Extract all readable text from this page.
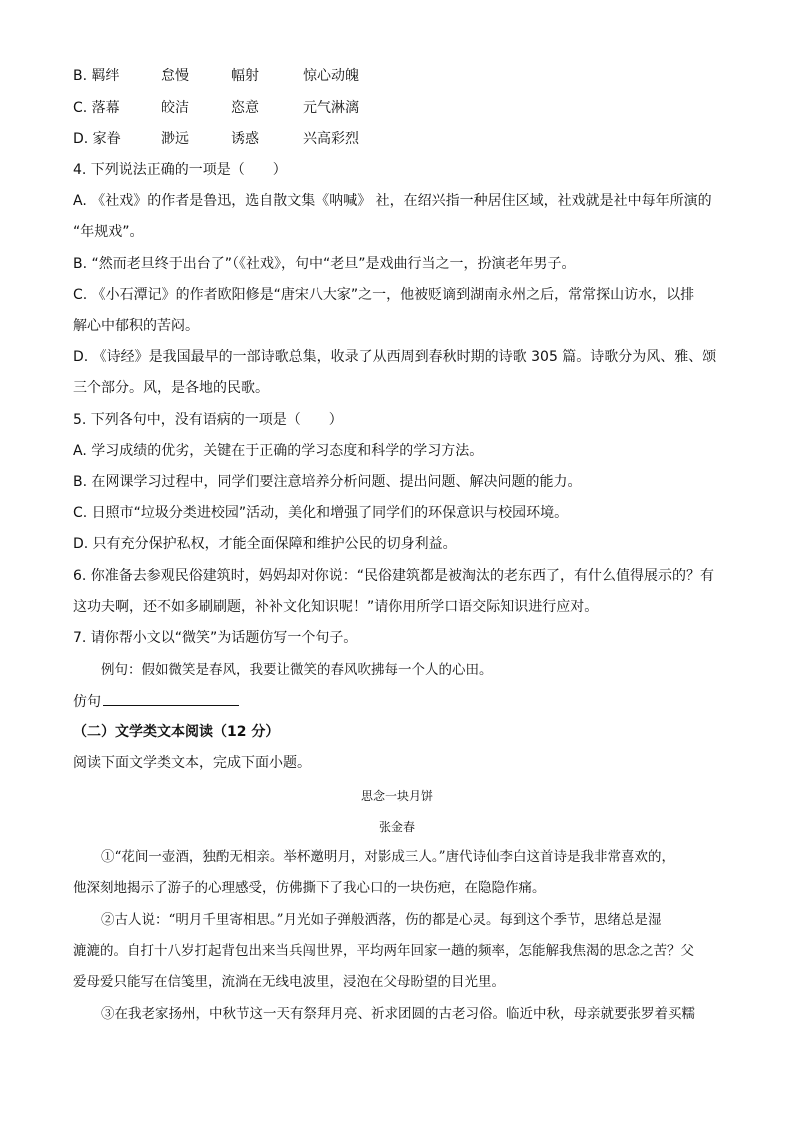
B. 羁绊	怠慢	幅射	惊心动魄
C. 落幕	皎洁	恣意	元气淋漓
D. 家眷	渺远	诱惑	兴高彩烈
4. 下列说法正确的一项是（　　）
A. 《社戏》的作者是鲁迅，选自散文集《呐喊》 社，在绍兴指一种居住区域，社戏就是社中每年所演的
“年规戏”。
B. “然而老旦终于出台了”（《社戏》，句中“老旦”是戏曲行当之一，扮演老年男子。
C. 《小石潭记》的作者欧阳修是“唐宋八大家”之一，他被贬谪到湖南永州之后，常常探山访水，以排
解心中郁积的苦闷。
D. 《诗经》是我国最早的一部诗歌总集，收录了从西周到春秋时期的诗歌 305 篇。诗歌分为风、雅、颂
三个部分。风，是各地的民歌。
5. 下列各句中，没有语病的一项是（　　）
A. 学习成绩的优劣，关键在于正确的学习态度和科学的学习方法。
B. 在网课学习过程中，同学们要注意培养分析问题、提出问题、解决问题的能力。
C. 日照市“垃圾分类进校园”活动，美化和增强了同学们的环保意识与校园环境。
D. 只有充分保护私权，才能全面保障和维护公民的切身利益。
6. 你准备去参观民俗建筑时，妈妈却对你说：“民俗建筑都是被淘汰的老东西了，有什么值得展示的？有
这功夫啊，还不如多刷刷题，补补文化知识呢！”请你用所学口语交际知识进行应对。
7. 请你帮小文以“微笑”为话题仿写一个句子。
例句：假如微笑是春风，我要让微笑的春风吹拂每一个人的心田。
仿句
（二）文学类文本阅读（12 分）
阅读下面文学类文本，完成下面小题。
思念一块月饼
张金春
①“花间一壶酒，独酌无相亲。举杯邀明月，对影成三人。”唐代诗仙李白这首诗是我非常喜欢的，
他深刻地揭示了游子的心理感受，仿佛撕下了我心口的一块伤疤，在隐隐作痛。
②古人说：“明月千里寄相思。”月光如子弹般洒落，伤的都是心灵。每到这个季节，思绪总是湿
漉漉的。自打十八岁打起背包出来当兵闯世界，平均两年回家一趟的频率，怎能解我焦渴的思念之苦？父
爱母爱只能写在信笺里，流淌在无线电波里，浸泡在父母盼望的目光里。
③在我老家扬州，中秋节这一天有祭拜月亮、祈求团圆的古老习俗。临近中秋，母亲就要张罗着买糯
